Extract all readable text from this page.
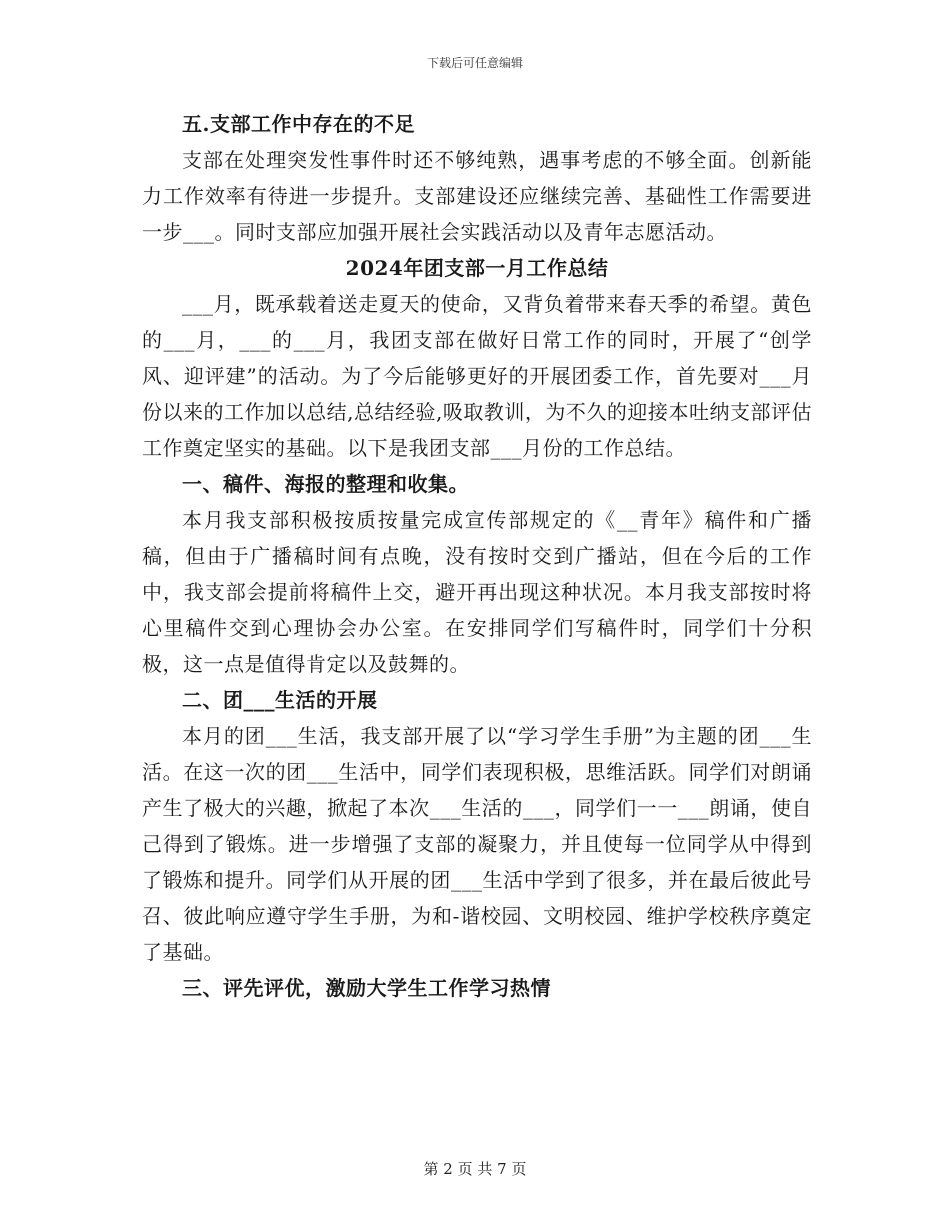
下载后可任意编辑

五.支部工作中存在的不足

支部在处理突发性事件时还不够纯熟，遇事考虑的不够全面。创新能力工作效率有待进一步提升。支部建设还应继续完善、基础性工作需要进一步___。同时支部应加强开展社会实践活动以及青年志愿活动。

2024年团支部一月工作总结

___月，既承载着送走夏天的使命，又背负着带来春天季的希望。黄色的___月，___的___月，我团支部在做好日常工作的同时，开展了“创学风、迎评建”的活动。为了今后能够更好的开展团委工作，首先要对___月份以来的工作加以总结,总结经验,吸取教训，为不久的迎接本吐纳支部评估工作奠定坚实的基础。以下是我团支部___月份的工作总结。

一、稿件、海报的整理和收集。

本月我支部积极按质按量完成宣传部规定的《__青年》稿件和广播稿，但由于广播稿时间有点晚，没有按时交到广播站，但在今后的工作中，我支部会提前将稿件上交，避开再出现这种状况。本月我支部按时将心里稿件交到心理协会办公室。在安排同学们写稿件时，同学们十分积极，这一点是值得肯定以及鼓舞的。

二、团___生活的开展

本月的团___生活，我支部开展了以“学习学生手册”为主题的团___生活。在这一次的团___生活中，同学们表现积极，思维活跃。同学们对朗诵产生了极大的兴趣，掀起了本次___生活的___，同学们一一___朗诵，使自己得到了锻炼。进一步增强了支部的凝聚力，并且使每一位同学从中得到了锻炼和提升。同学们从开展的团___生活中学到了很多，并在最后彼此号召、彼此响应遵守学生手册，为和-谐校园、文明校园、维护学校秩序奠定了基础。

三、评先评优，激励大学生工作学习热情

第 2 页 共 7 页
